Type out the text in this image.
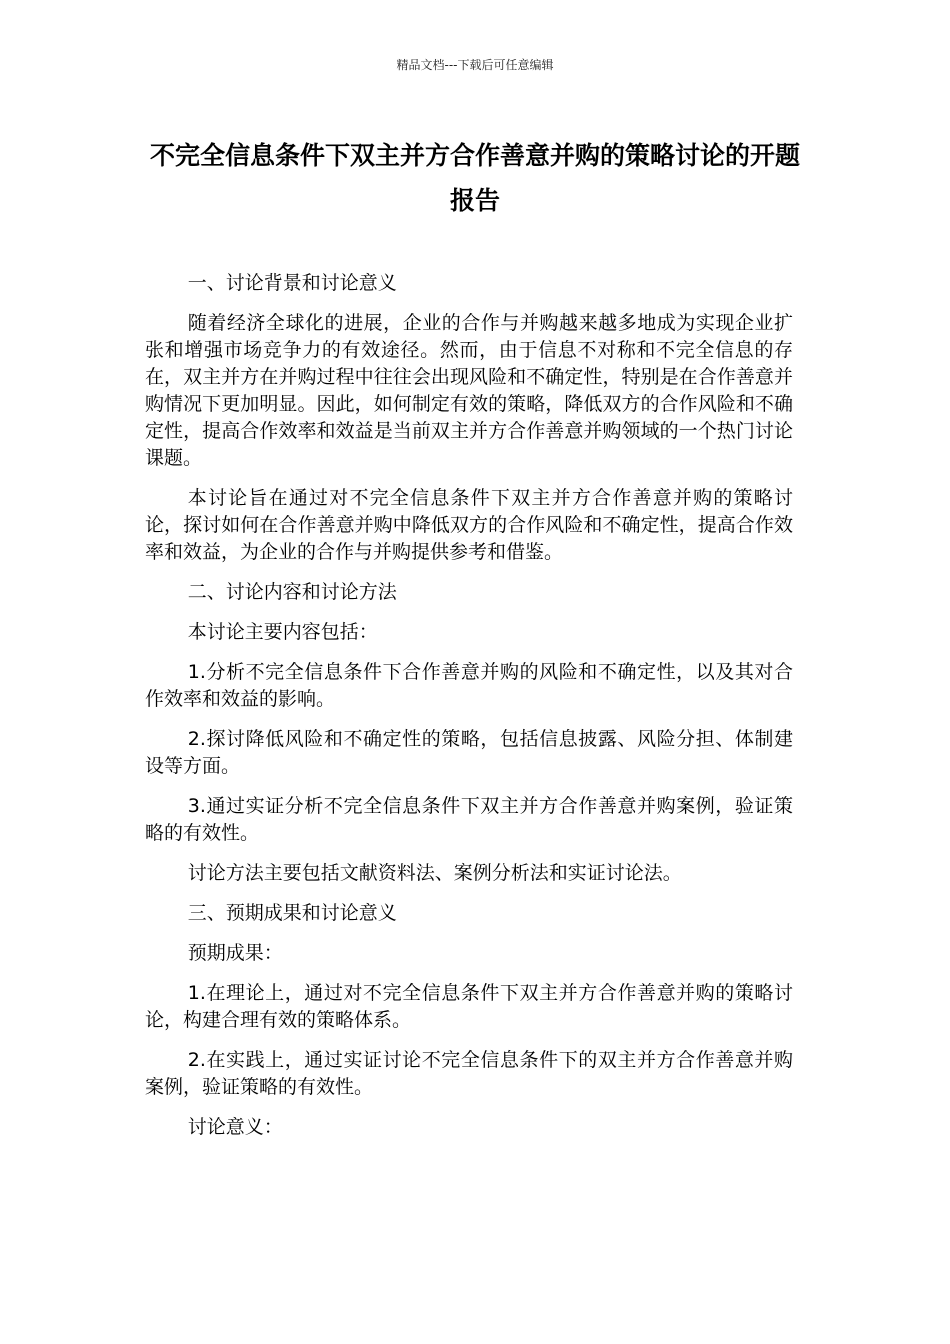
精品文档---下载后可任意编辑
不完全信息条件下双主并方合作善意并购的策略讨论的开题报告

一、讨论背景和讨论意义

随着经济全球化的进展，企业的合作与并购越来越多地成为实现企业扩张和增强市场竞争力的有效途径。然而，由于信息不对称和不完全信息的存在，双主并方在并购过程中往往会出现风险和不确定性，特别是在合作善意并购情况下更加明显。因此，如何制定有效的策略，降低双方的合作风险和不确定性，提高合作效率和效益是当前双主并方合作善意并购领域的一个热门讨论课题。

本讨论旨在通过对不完全信息条件下双主并方合作善意并购的策略讨论，探讨如何在合作善意并购中降低双方的合作风险和不确定性，提高合作效率和效益，为企业的合作与并购提供参考和借鉴。

二、讨论内容和讨论方法

本讨论主要内容包括：

1.分析不完全信息条件下合作善意并购的风险和不确定性，以及其对合作效率和效益的影响。

2.探讨降低风险和不确定性的策略，包括信息披露、风险分担、体制建设等方面。

3.通过实证分析不完全信息条件下双主并方合作善意并购案例，验证策略的有效性。

讨论方法主要包括文献资料法、案例分析法和实证讨论法。

三、预期成果和讨论意义

预期成果：

1.在理论上，通过对不完全信息条件下双主并方合作善意并购的策略讨论，构建合理有效的策略体系。

2.在实践上，通过实证讨论不完全信息条件下的双主并方合作善意并购案例，验证策略的有效性。

讨论意义：
